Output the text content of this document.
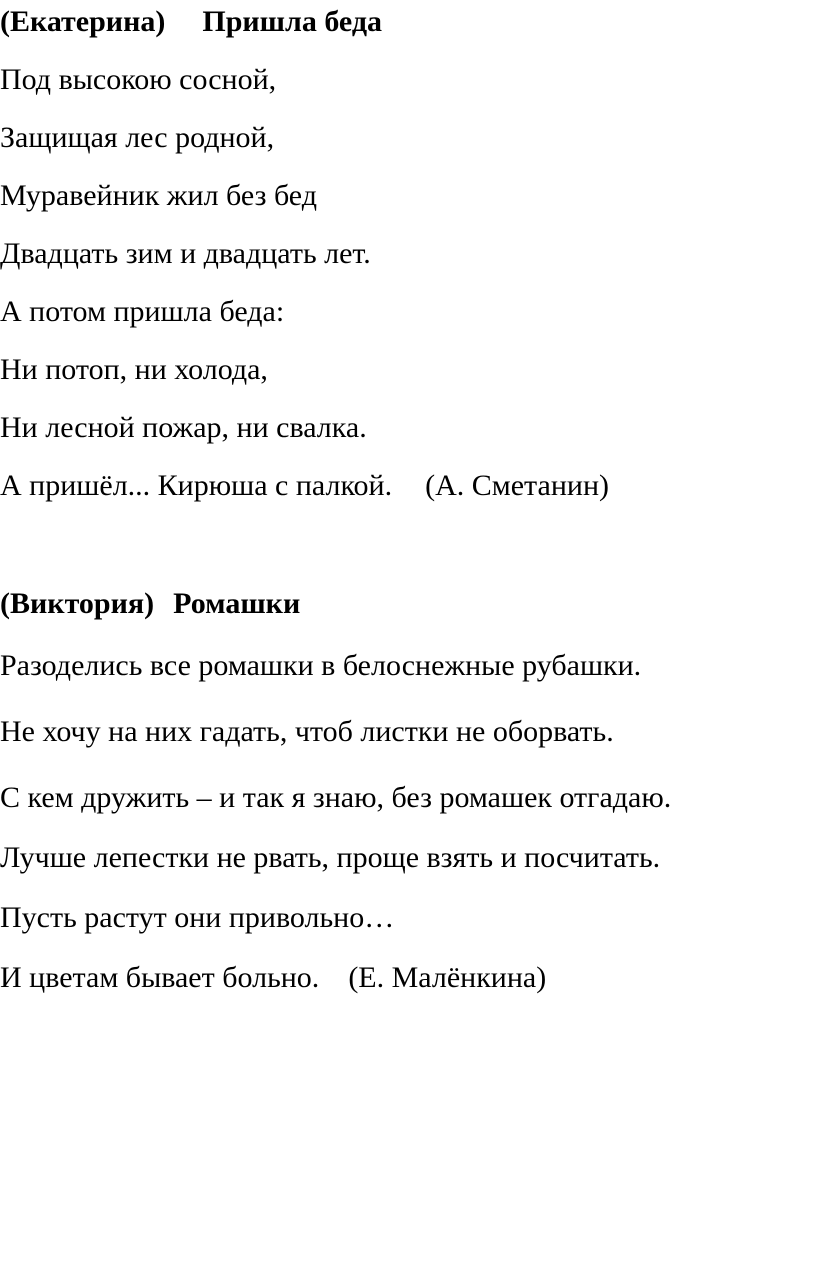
(Екатерина) Пришла беда
Под высокою сосной,
Защищая лес родной,
Муравейник жил без бед
Двадцать зим и двадцать лет.
А потом пришла беда:
Ни потоп, ни холода,
Ни лесной пожар, ни свалка.
А пришёл... Кирюша с палкой. (А. Сметанин)
(Виктория) Ромашки
Разоделись все ромашки в белоснежные рубашки.
Не хочу на них гадать, чтоб листки не оборвать.
С кем дружить – и так я знаю, без ромашек отгадаю.
Лучше лепестки не рвать, проще взять и посчитать.
Пусть растут они привольно…
И цветам бывает больно. (Е. Малёнкина)
